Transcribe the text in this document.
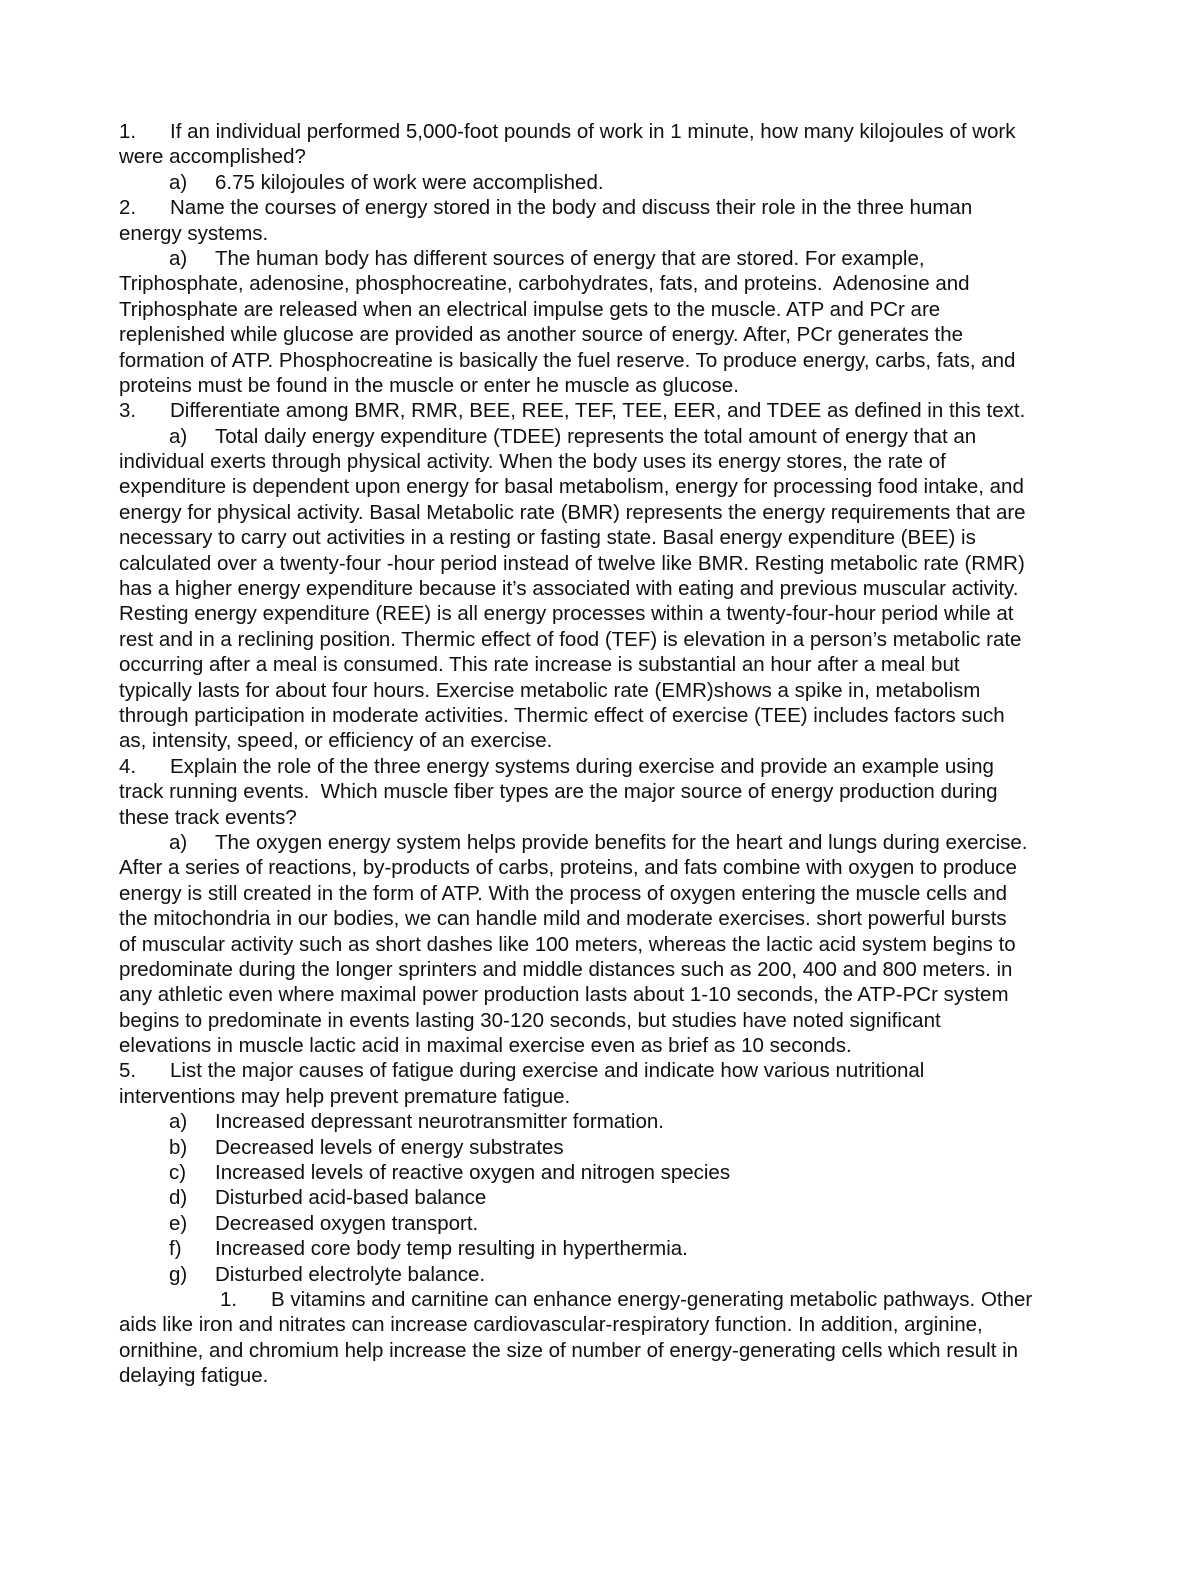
1. If an individual performed 5,000-foot pounds of work in 1 minute, how many kilojoules of work
were accomplished?
a) 6.75 kilojoules of work were accomplished.
2. Name the courses of energy stored in the body and discuss their role in the three human
energy systems.
a) The human body has different sources of energy that are stored. For example,
Triphosphate, adenosine, phosphocreatine, carbohydrates, fats, and proteins.  Adenosine and
Triphosphate are released when an electrical impulse gets to the muscle. ATP and PCr are
replenished while glucose are provided as another source of energy. After, PCr generates the
formation of ATP. Phosphocreatine is basically the fuel reserve. To produce energy, carbs, fats, and
proteins must be found in the muscle or enter he muscle as glucose.
3. Differentiate among BMR, RMR, BEE, REE, TEF, TEE, EER, and TDEE as defined in this text.
a) Total daily energy expenditure (TDEE) represents the total amount of energy that an
individual exerts through physical activity. When the body uses its energy stores, the rate of
expenditure is dependent upon energy for basal metabolism, energy for processing food intake, and
energy for physical activity. Basal Metabolic rate (BMR) represents the energy requirements that are
necessary to carry out activities in a resting or fasting state. Basal energy expenditure (BEE) is
calculated over a twenty-four -hour period instead of twelve like BMR. Resting metabolic rate (RMR)
has a higher energy expenditure because it’s associated with eating and previous muscular activity.
Resting energy expenditure (REE) is all energy processes within a twenty-four-hour period while at
rest and in a reclining position. Thermic effect of food (TEF) is elevation in a person’s metabolic rate
occurring after a meal is consumed. This rate increase is substantial an hour after a meal but
typically lasts for about four hours. Exercise metabolic rate (EMR)shows a spike in, metabolism
through participation in moderate activities. Thermic effect of exercise (TEE) includes factors such
as, intensity, speed, or efficiency of an exercise.
4. Explain the role of the three energy systems during exercise and provide an example using
track running events.  Which muscle fiber types are the major source of energy production during
these track events?
a) The oxygen energy system helps provide benefits for the heart and lungs during exercise.
After a series of reactions, by-products of carbs, proteins, and fats combine with oxygen to produce
energy is still created in the form of ATP. With the process of oxygen entering the muscle cells and
the mitochondria in our bodies, we can handle mild and moderate exercises. short powerful bursts
of muscular activity such as short dashes like 100 meters, whereas the lactic acid system begins to
predominate during the longer sprinters and middle distances such as 200, 400 and 800 meters. in
any athletic even where maximal power production lasts about 1-10 seconds, the ATP-PCr system
begins to predominate in events lasting 30-120 seconds, but studies have noted significant
elevations in muscle lactic acid in maximal exercise even as brief as 10 seconds.
5. List the major causes of fatigue during exercise and indicate how various nutritional
interventions may help prevent premature fatigue.
a) Increased depressant neurotransmitter formation.
b) Decreased levels of energy substrates
c) Increased levels of reactive oxygen and nitrogen species
d) Disturbed acid-based balance
e) Decreased oxygen transport.
f) Increased core body temp resulting in hyperthermia.
g) Disturbed electrolyte balance.
1. B vitamins and carnitine can enhance energy-generating metabolic pathways. Other
aids like iron and nitrates can increase cardiovascular-respiratory function. In addition, arginine,
ornithine, and chromium help increase the size of number of energy-generating cells which result in
delaying fatigue.
